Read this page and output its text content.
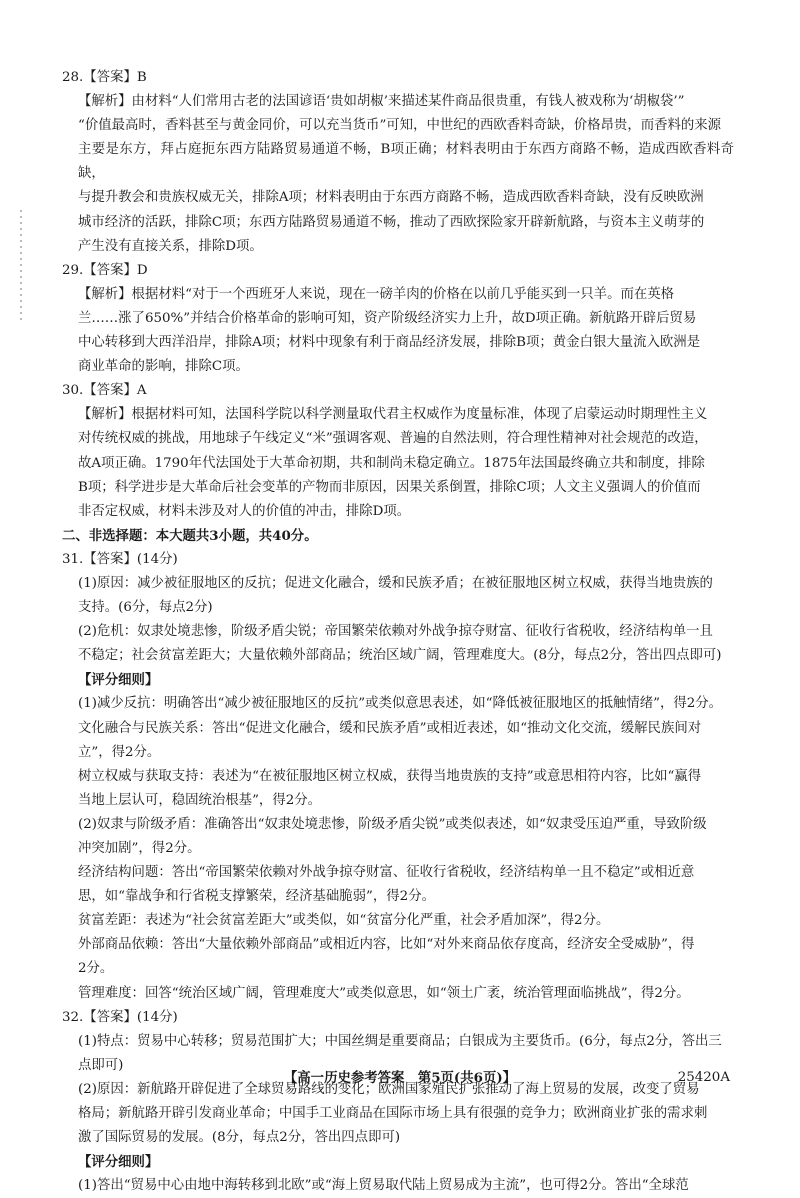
28.【答案】B

【解析】由材料“人们常用古老的法国谚语‘贵如胡椒’来描述某件商品很贵重，有钱人被戏称为‘胡椒袋’”

“价值最高时，香料甚至与黄金同价，可以充当货币”可知，中世纪的西欧香料奇缺，价格昂贵，而香料的来源

主要是东方，拜占庭扼东西方陆路贸易通道不畅，B项正确；材料表明由于东西方商路不畅，造成西欧香料奇缺，

与提升教会和贵族权威无关，排除A项；材料表明由于东西方商路不畅，造成西欧香料奇缺，没有反映欧洲

城市经济的活跃，排除C项；东西方陆路贸易通道不畅，推动了西欧探险家开辟新航路，与资本主义萌芽的

产生没有直接关系，排除D项。

29.【答案】D

【解析】根据材料“对于一个西班牙人来说，现在一磅羊肉的价格在以前几乎能买到一只羊。而在英格

兰……涨了650%”并结合价格革命的影响可知，资产阶级经济实力上升，故D项正确。新航路开辟后贸易

中心转移到大西洋沿岸，排除A项；材料中现象有利于商品经济发展，排除B项；黄金白银大量流入欧洲是

商业革命的影响，排除C项。

30.【答案】A

【解析】根据材料可知，法国科学院以科学测量取代君主权威作为度量标准，体现了启蒙运动时期理性主义

对传统权威的挑战，用地球子午线定义“米”强调客观、普遍的自然法则，符合理性精神对社会规范的改造，

故A项正确。1790年代法国处于大革命初期，共和制尚未稳定确立。1875年法国最终确立共和制度，排除

B项；科学进步是大革命后社会变革的产物而非原因，因果关系倒置，排除C项；人文主义强调人的价值而

非否定权威，材料未涉及对人的价值的冲击，排除D项。

二、非选择题：本大题共3小题，共40分。

31.【答案】(14分)

(1)原因：减少被征服地区的反抗；促进文化融合，缓和民族矛盾；在被征服地区树立权威，获得当地贵族的

支持。(6分，每点2分)

(2)危机：奴隶处境悲惨，阶级矛盾尖锐；帝国繁荣依赖对外战争掠夺财富、征收行省税收，经济结构单一且

不稳定；社会贫富差距大；大量依赖外部商品；统治区域广阔，管理难度大。(8分，每点2分，答出四点即可)

【评分细则】

(1)减少反抗：明确答出“减少被征服地区的反抗”或类似意思表述，如“降低被征服地区的抵触情绪”，得2分。

文化融合与民族关系：答出“促进文化融合，缓和民族矛盾”或相近表述，如“推动文化交流，缓解民族间对

立”，得2分。

树立权威与获取支持：表述为“在被征服地区树立权威，获得当地贵族的支持”或意思相符内容，比如“赢得

当地上层认可，稳固统治根基”，得2分。

(2)奴隶与阶级矛盾：准确答出“奴隶处境悲惨，阶级矛盾尖锐”或类似表述，如“奴隶受压迫严重，导致阶级

冲突加剧”，得2分。

经济结构问题：答出“帝国繁荣依赖对外战争掠夺财富、征收行省税收，经济结构单一且不稳定”或相近意

思，如“靠战争和行省税支撑繁荣，经济基础脆弱”，得2分。

贫富差距：表述为“社会贫富差距大”或类似，如“贫富分化严重，社会矛盾加深”，得2分。

外部商品依赖：答出“大量依赖外部商品”或相近内容，比如“对外来商品依存度高，经济安全受威胁”，得

2分。

管理难度：回答“统治区域广阔，管理难度大”或类似意思，如“领土广袤，统治管理面临挑战”，得2分。

32.【答案】(14分)

(1)特点：贸易中心转移；贸易范围扩大；中国丝绸是重要商品；白银成为主要货币。(6分，每点2分，答出三

点即可)

(2)原因：新航路开辟促进了全球贸易路线的变化；欧洲国家殖民扩张推动了海上贸易的发展，改变了贸易

格局；新航路开辟引发商业革命；中国手工业商品在国际市场上具有很强的竞争力；欧洲商业扩张的需求刺

激了国际贸易的发展。(8分，每点2分，答出四点即可)

【评分细则】

(1)答出“贸易中心由地中海转移到北欧”或“海上贸易取代陆上贸易成为主流”，也可得2分。答出“全球范

【高一历史参考答案　第5页(共6页)】	25420A
